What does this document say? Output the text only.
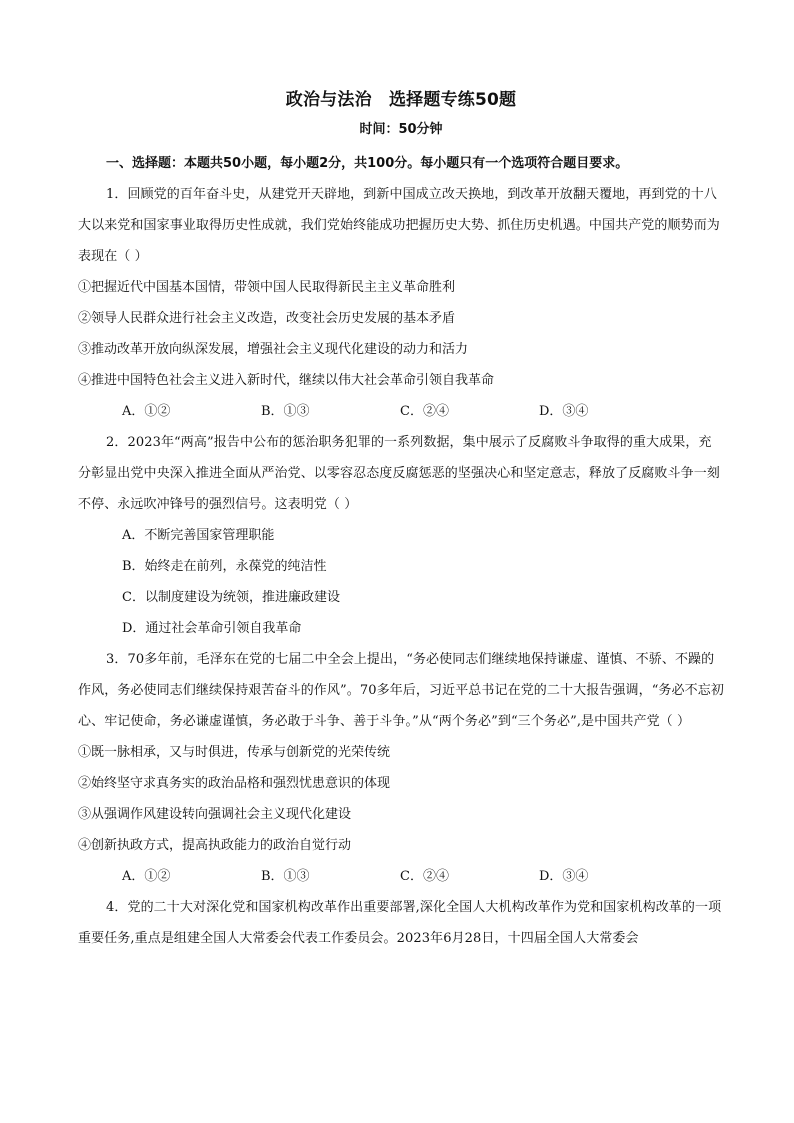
政治与法治　选择题专练50题
时间：50分钟
一、选择题：本题共50小题，每小题2分，共100分。每小题只有一个选项符合题目要求。
1．回顾党的百年奋斗史，从建党开天辟地，到新中国成立改天换地，到改革开放翻天覆地，再到党的十八大以来党和国家事业取得历史性成就，我们党始终能成功把握历史大势、抓住历史机遇。中国共产党的顺势而为表现在（ ）
①把握近代中国基本国情，带领中国人民取得新民主主义革命胜利
②领导人民群众进行社会主义改造，改变社会历史发展的基本矛盾
③推动改革开放向纵深发展，增强社会主义现代化建设的动力和活力
④推进中国特色社会主义进入新时代，继续以伟大社会革命引领自我革命
A．①②	B．①③	C．②④	D．③④
2．2023年“两高”报告中公布的惩治职务犯罪的一系列数据，集中展示了反腐败斗争取得的重大成果，充分彰显出党中央深入推进全面从严治党、以零容忍态度反腐惩恶的坚强决心和坚定意志，释放了反腐败斗争一刻不停、永远吹冲锋号的强烈信号。这表明党（ ）
A．不断完善国家管理职能
B．始终走在前列，永葆党的纯洁性
C．以制度建设为统领，推进廉政建设
D．通过社会革命引领自我革命
3．70多年前，毛泽东在党的七届二中全会上提出，“务必使同志们继续地保持谦虚、谨慎、不骄、不躁的作风，务必使同志们继续保持艰苦奋斗的作风”。70多年后，习近平总书记在党的二十大报告强调，“务必不忘初心、牢记使命，务必谦虚谨慎，务必敢于斗争、善于斗争。”从“两个务必”到“三个务必”,是中国共产党（ ）
①既一脉相承，又与时俱进，传承与创新党的光荣传统
②始终坚守求真务实的政治品格和强烈忧患意识的体现
③从强调作风建设转向强调社会主义现代化建设
④创新执政方式，提高执政能力的政治自觉行动
A．①②	B．①③	C．②④	D．③④
4．党的二十大对深化党和国家机构改革作出重要部署,深化全国人大机构改革作为党和国家机构改革的一项重要任务,重点是组建全国人大常委会代表工作委员会。2023年6月28日，十四届全国人大常委会
